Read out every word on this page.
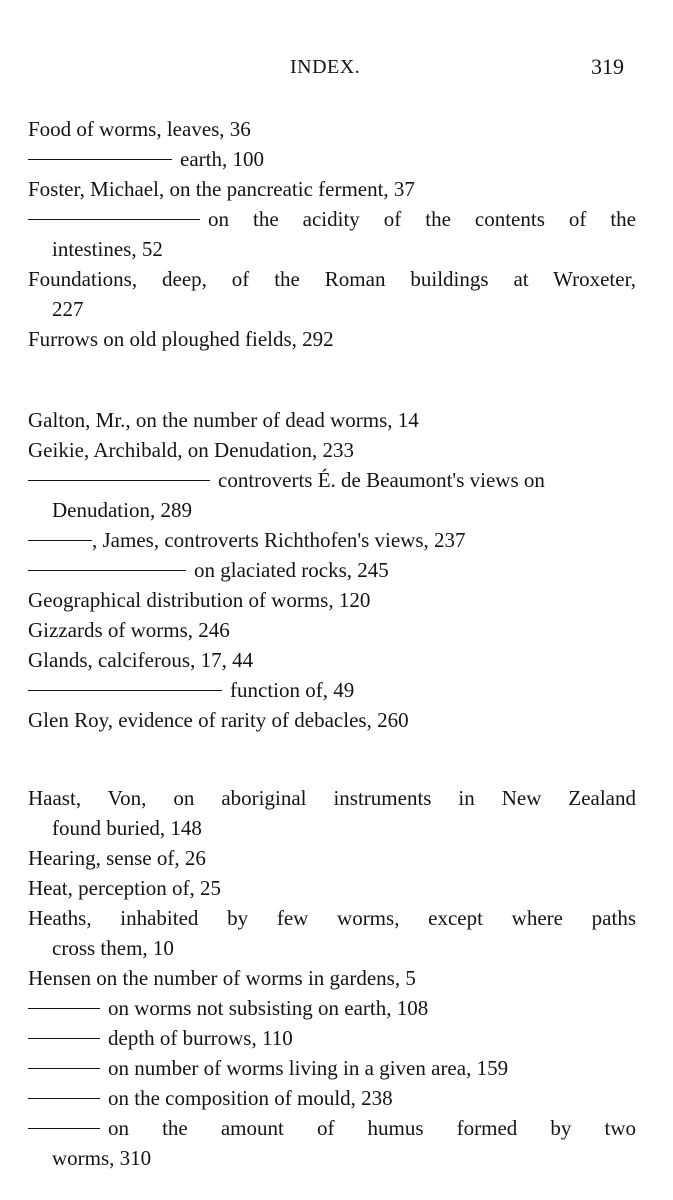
INDEX.	319
Food of worms, leaves, 36
earth, 100
Foster, Michael, on the pancreatic ferment, 37
on the acidity of the contents of the
intestines, 52
Foundations, deep, of the Roman buildings at Wroxeter,
227
Furrows on old ploughed fields, 292
Galton, Mr., on the number of dead worms, 14
Geikie, Archibald, on Denudation, 233
controverts É. de Beaumont's views on
Denudation, 289
, James, controverts Richthofen's views, 237
on glaciated rocks, 245
Geographical distribution of worms, 120
Gizzards of worms, 246
Glands, calciferous, 17, 44
function of, 49
Glen Roy, evidence of rarity of debacles, 260
Haast, Von, on aboriginal instruments in New Zealand
found buried, 148
Hearing, sense of, 26
Heat, perception of, 25
Heaths, inhabited by few worms, except where paths
cross them, 10
Hensen on the number of worms in gardens, 5
on worms not subsisting on earth, 108
depth of burrows, 110
on number of worms living in a given area, 159
on the composition of mould, 238
on the amount of humus formed by two
worms, 310
